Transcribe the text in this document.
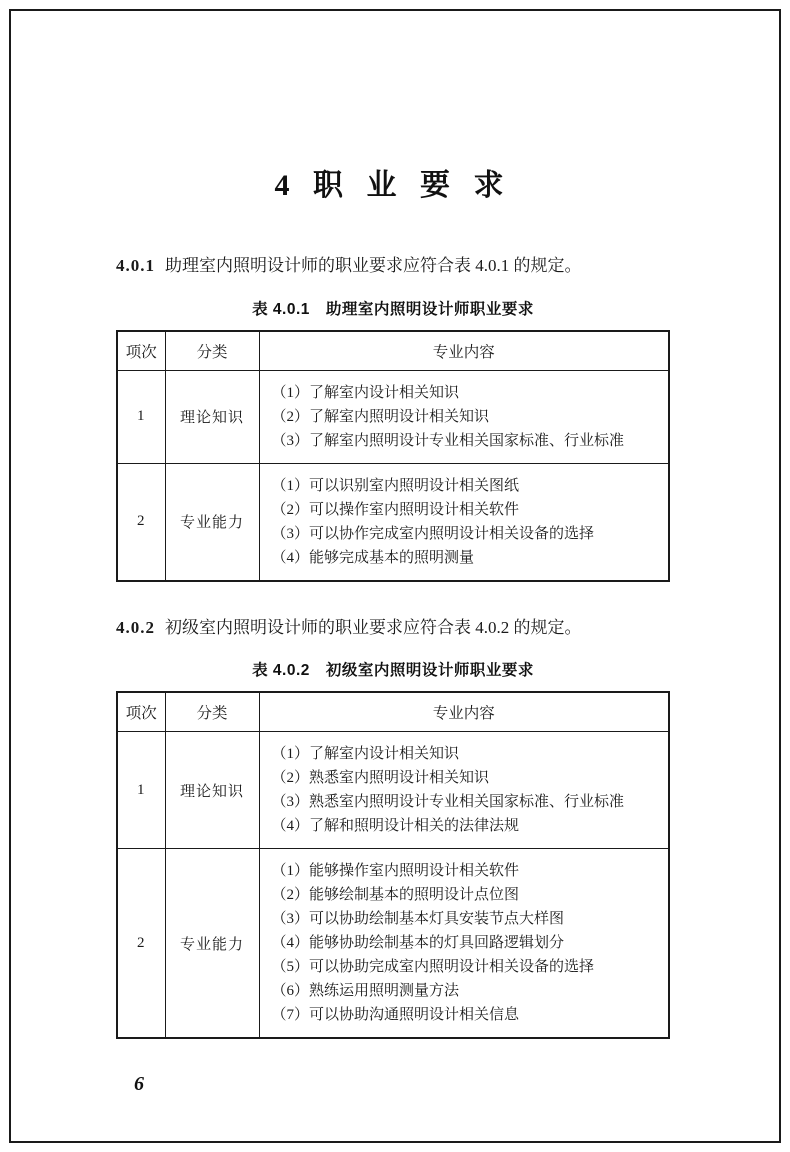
4 职 业 要 求

4.0.1 助理室内照明设计师的职业要求应符合表 4.0.1 的规定。

表 4.0.1　助理室内照明设计师职业要求
项次	分类	专业内容
1	理论知识	（1）了解室内设计相关知识
（2）了解室内照明设计相关知识
（3）了解室内照明设计专业相关国家标准、行业标准

2	专业能力	（1）可以识别室内照明设计相关图纸
（2）可以操作室内照明设计相关软件
（3）可以协作完成室内照明设计相关设备的选择
（4）能够完成基本的照明测量

4.0.2 初级室内照明设计师的职业要求应符合表 4.0.2 的规定。

表 4.0.2　初级室内照明设计师职业要求
项次	分类	专业内容
1	理论知识	（1）了解室内设计相关知识
（2）熟悉室内照明设计相关知识
（3）熟悉室内照明设计专业相关国家标准、行业标准
（4）了解和照明设计相关的法律法规

2	专业能力	
（1）能够操作室内照明设计相关软件
（2）能够绘制基本的照明设计点位图
（3）可以协助绘制基本灯具安装节点大样图
（4）能够协助绘制基本的灯具回路逻辑划分
（5）可以协助完成室内照明设计相关设备的选择
（6）熟练运用照明测量方法
（7）可以协助沟通照明设计相关信息
6
